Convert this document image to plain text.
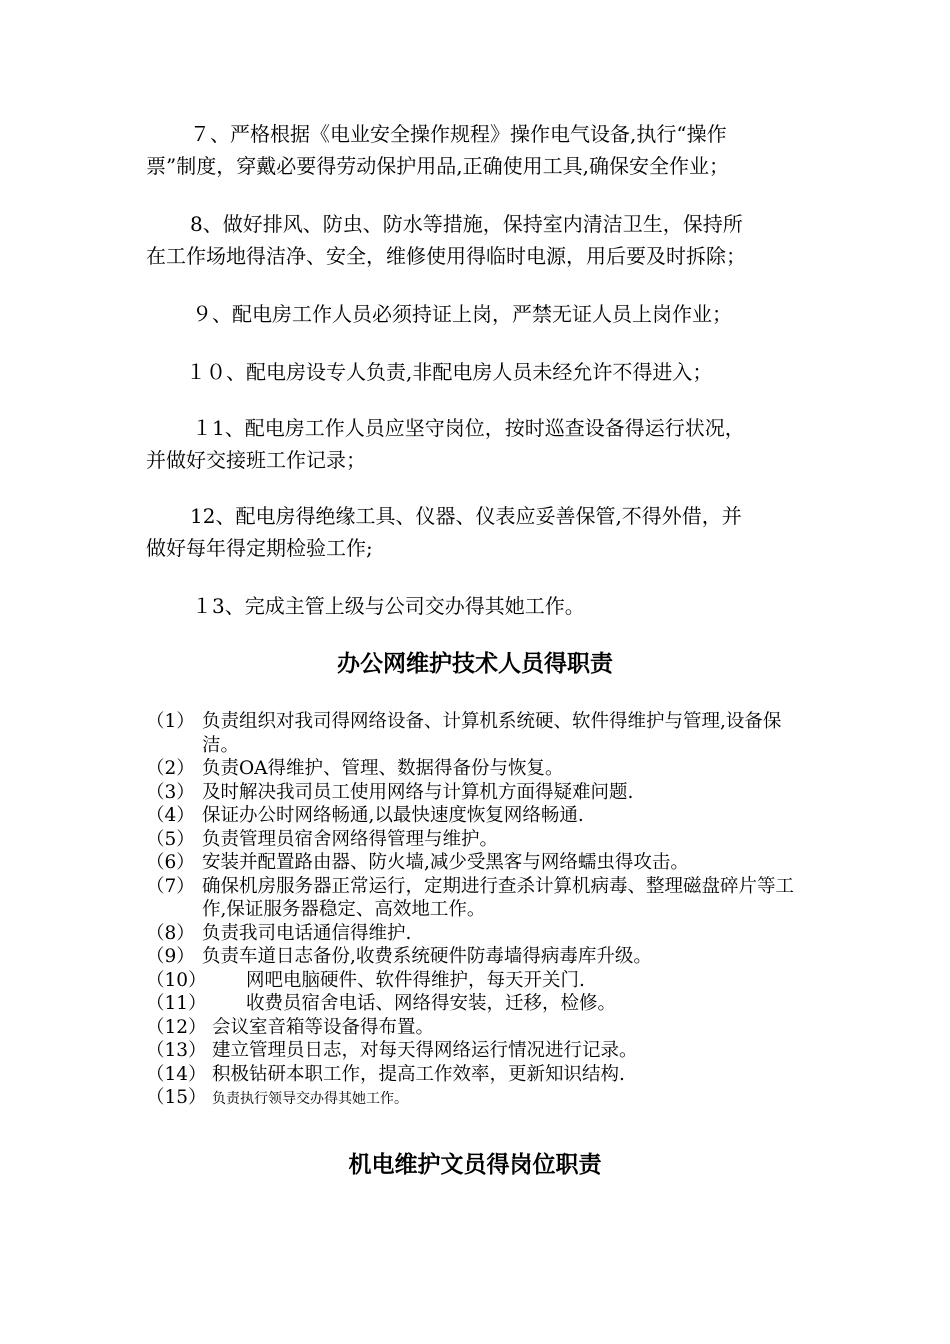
７、严格根据《电业安全操作规程》操作电气设备,执行“操作
票”制度，穿戴必要得劳动保护用品,正确使用工具,确保安全作业；
8、做好排风、防虫、防水等措施，保持室内清洁卫生，保持所
在工作场地得洁净、安全，维修使用得临时电源，用后要及时拆除；
９、配电房工作人员必须持证上岗，严禁无证人员上岗作业；
１０、配电房设专人负责,非配电房人员未经允许不得进入；
１1、配电房工作人员应坚守岗位，按时巡查设备得运行状况，
并做好交接班工作记录；
12、配电房得绝缘工具、仪器、仪表应妥善保管,不得外借，并
做好每年得定期检验工作;
１3、完成主管上级与公司交办得其她工作。
办公网维护技术人员得职责
（1） 负责组织对我司得网络设备、计算机系统硬、软件得维护与管理,设备保洁。
（2） 负责OA得维护、管理、数据得备份与恢复。
（3） 及时解决我司员工使用网络与计算机方面得疑难问题.
（4） 保证办公时网络畅通,以最快速度恢复网络畅通.
（5） 负责管理员宿舍网络得管理与维护。
（6） 安装并配置路由器、防火墙,减少受黑客与网络蠕虫得攻击。
（7） 确保机房服务器正常运行，定期进行查杀计算机病毒、整理磁盘碎片等工作,保证服务器稳定、高效地工作。
（8） 负责我司电话通信得维护.
（9） 负责车道日志备份,收费系统硬件防毒墙得病毒库升级。
（10） 网吧电脑硬件、软件得维护，每天开关门.
（11） 收费员宿舍电话、网络得安装，迁移，检修。
（12） 会议室音箱等设备得布置。
（13） 建立管理员日志，对每天得网络运行情况进行记录。
（14） 积极钻研本职工作，提高工作效率，更新知识结构.
（15） 负责执行领导交办得其她工作。
机电维护文员得岗位职责
